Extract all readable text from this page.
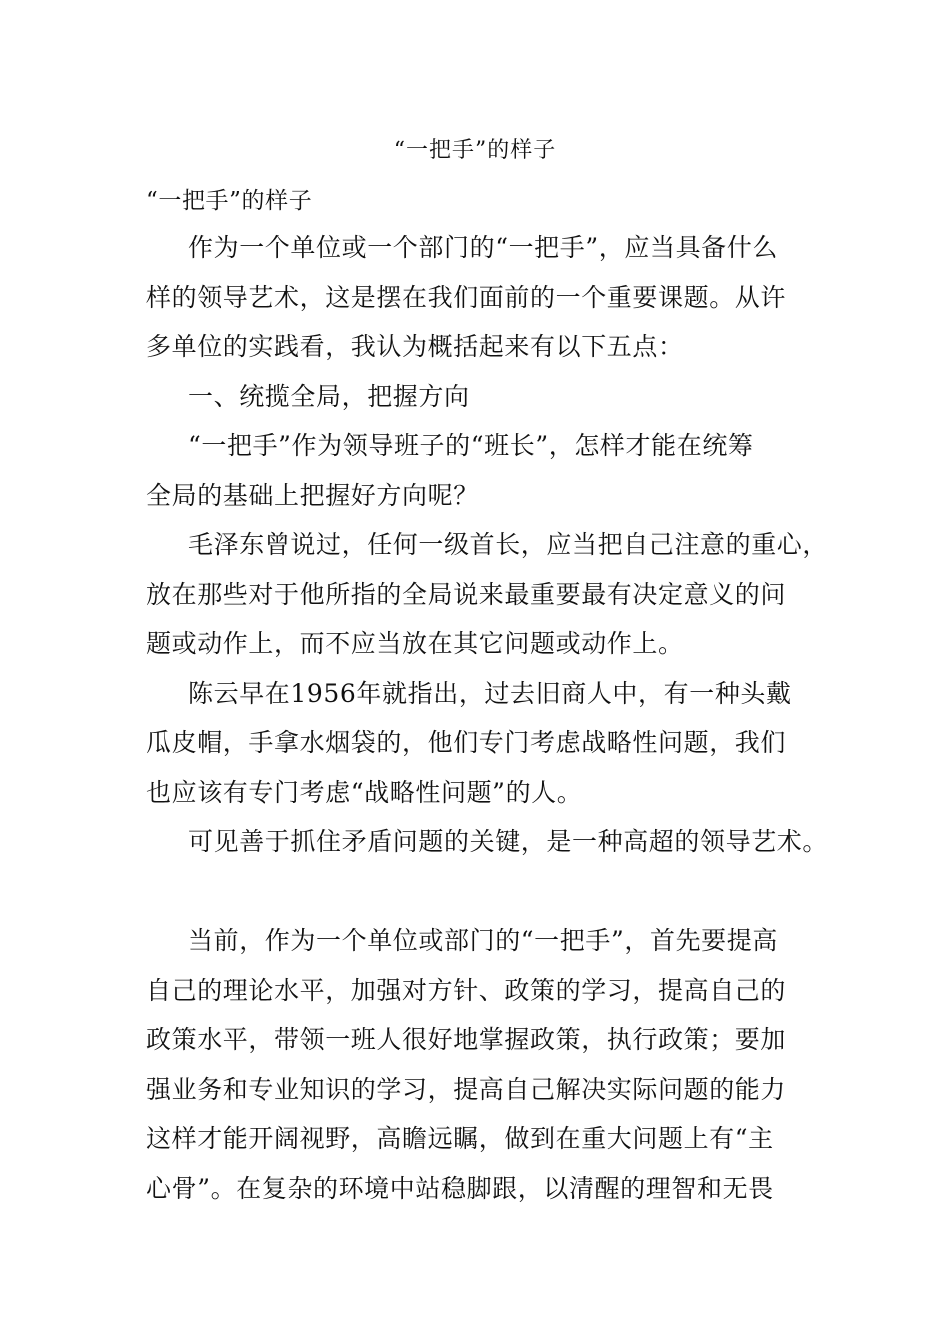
“一把手”的样子
“一把手”的样子
作为一个单位或一个部门的“一把手”，应当具备什么
样的领导艺术，这是摆在我们面前的一个重要课题。从许
多单位的实践看，我认为概括起来有以下五点：
一、统揽全局，把握方向
“一把手”作为领导班子的“班长”，怎样才能在统筹
全局的基础上把握好方向呢？
毛泽东曾说过，任何一级首长，应当把自己注意的重心，
放在那些对于他所指的全局说来最重要最有决定意义的问
题或动作上，而不应当放在其它问题或动作上。
陈云早在1956年就指出，过去旧商人中，有一种头戴
瓜皮帽，手拿水烟袋的，他们专门考虑战略性问题，我们
也应该有专门考虑“战略性问题”的人。
可见善于抓住矛盾问题的关键，是一种高超的领导艺术。
当前，作为一个单位或部门的“一把手”，首先要提高
自己的理论水平，加强对方针、政策的学习，提高自己的
政策水平，带领一班人很好地掌握政策，执行政策；要加
强业务和专业知识的学习，提高自己解决实际问题的能力
这样才能开阔视野，高瞻远瞩，做到在重大问题上有“主
心骨”。在复杂的环境中站稳脚跟，以清醒的理智和无畏
